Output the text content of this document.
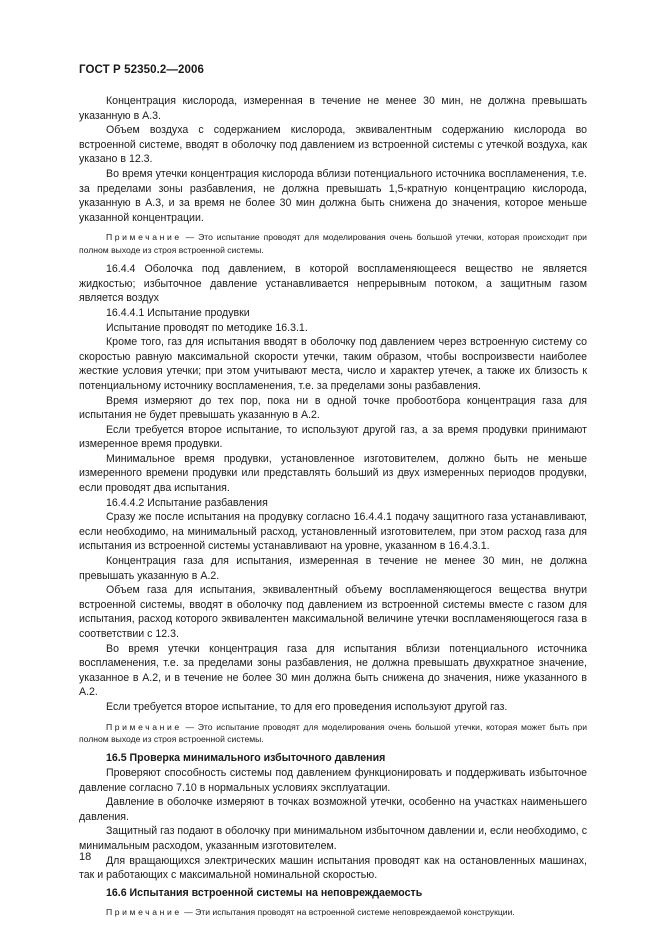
ГОСТ Р 52350.2—2006
Концентрация кислорода, измеренная в течение не менее 30 мин, не должна превышать указанную в А.3.
Объем воздуха с содержанием кислорода, эквивалентным содержанию кислорода во встроенной системе, вводят в оболочку под давлением из встроенной системы с утечкой воздуха, как указано в 12.3.
Во время утечки концентрация кислорода вблизи потенциального источника воспламенения, т.е. за пределами зоны разбавления, не должна превышать 1,5-кратную концентрацию кислорода, указанную в А.3, и за время не более 30 мин должна быть снижена до значения, которое меньше указанной концентрации.
Примечание — Это испытание проводят для моделирования очень большой утечки, которая происходит при полном выходе из строя встроенной системы.
16.4.4 Оболочка под давлением, в которой воспламеняющееся вещество не является жидкостью; избыточное давление устанавливается непрерывным потоком, а защитным газом является воздух
16.4.4.1 Испытание продувки
Испытание проводят по методике 16.3.1.
Кроме того, газ для испытания вводят в оболочку под давлением через встроенную систему со скоростью равную максимальной скорости утечки, таким образом, чтобы воспроизвести наиболее жесткие условия утечки; при этом учитывают места, число и характер утечек, а также их близость к потенциальному источнику воспламенения, т.е. за пределами зоны разбавления.
Время измеряют до тех пор, пока ни в одной точке пробоотбора концентрация газа для испытания не будет превышать указанную в А.2.
Если требуется второе испытание, то используют другой газ, а за время продувки принимают измеренное время продувки.
Минимальное время продувки, установленное изготовителем, должно быть не меньше измеренного времени продувки или представлять больший из двух измеренных периодов продувки, если проводят два испытания.
16.4.4.2 Испытание разбавления
Сразу же после испытания на продувку согласно 16.4.4.1 подачу защитного газа устанавливают, если необходимо, на минимальный расход, установленный изготовителем, при этом расход газа для испытания из встроенной системы устанавливают на уровне, указанном в 16.4.3.1.
Концентрация газа для испытания, измеренная в течение не менее 30 мин, не должна превышать указанную в А.2.
Объем газа для испытания, эквивалентный объему воспламеняющегося вещества внутри встроенной системы, вводят в оболочку под давлением из встроенной системы вместе с газом для испытания, расход которого эквивалентен максимальной величине утечки воспламеняющегося газа в соответствии с 12.3.
Во время утечки концентрация газа для испытания вблизи потенциального источника воспламенения, т.е. за пределами зоны разбавления, не должна превышать двухкратное значение, указанное в А.2, и в течение не более 30 мин должна быть снижена до значения, ниже указанного в А.2.
Если требуется второе испытание, то для его проведения используют другой газ.
Примечание — Это испытание проводят для моделирования очень большой утечки, которая может быть при полном выходе из строя встроенной системы.
16.5 Проверка минимального избыточного давления
Проверяют способность системы под давлением функционировать и поддерживать избыточное давление согласно 7.10 в нормальных условиях эксплуатации.
Давление в оболочке измеряют в точках возможной утечки, особенно на участках наименьшего давления.
Защитный газ подают в оболочку при минимальном избыточном давлении и, если необходимо, с минимальным расходом, указанным изготовителем.
Для вращающихся электрических машин испытания проводят как на остановленных машинах, так и работающих с максимальной номинальной скоростью.
16.6 Испытания встроенной системы на неповреждаемость
Примечание — Эти испытания проводят на встроенной системе неповреждаемой конструкции.
18
